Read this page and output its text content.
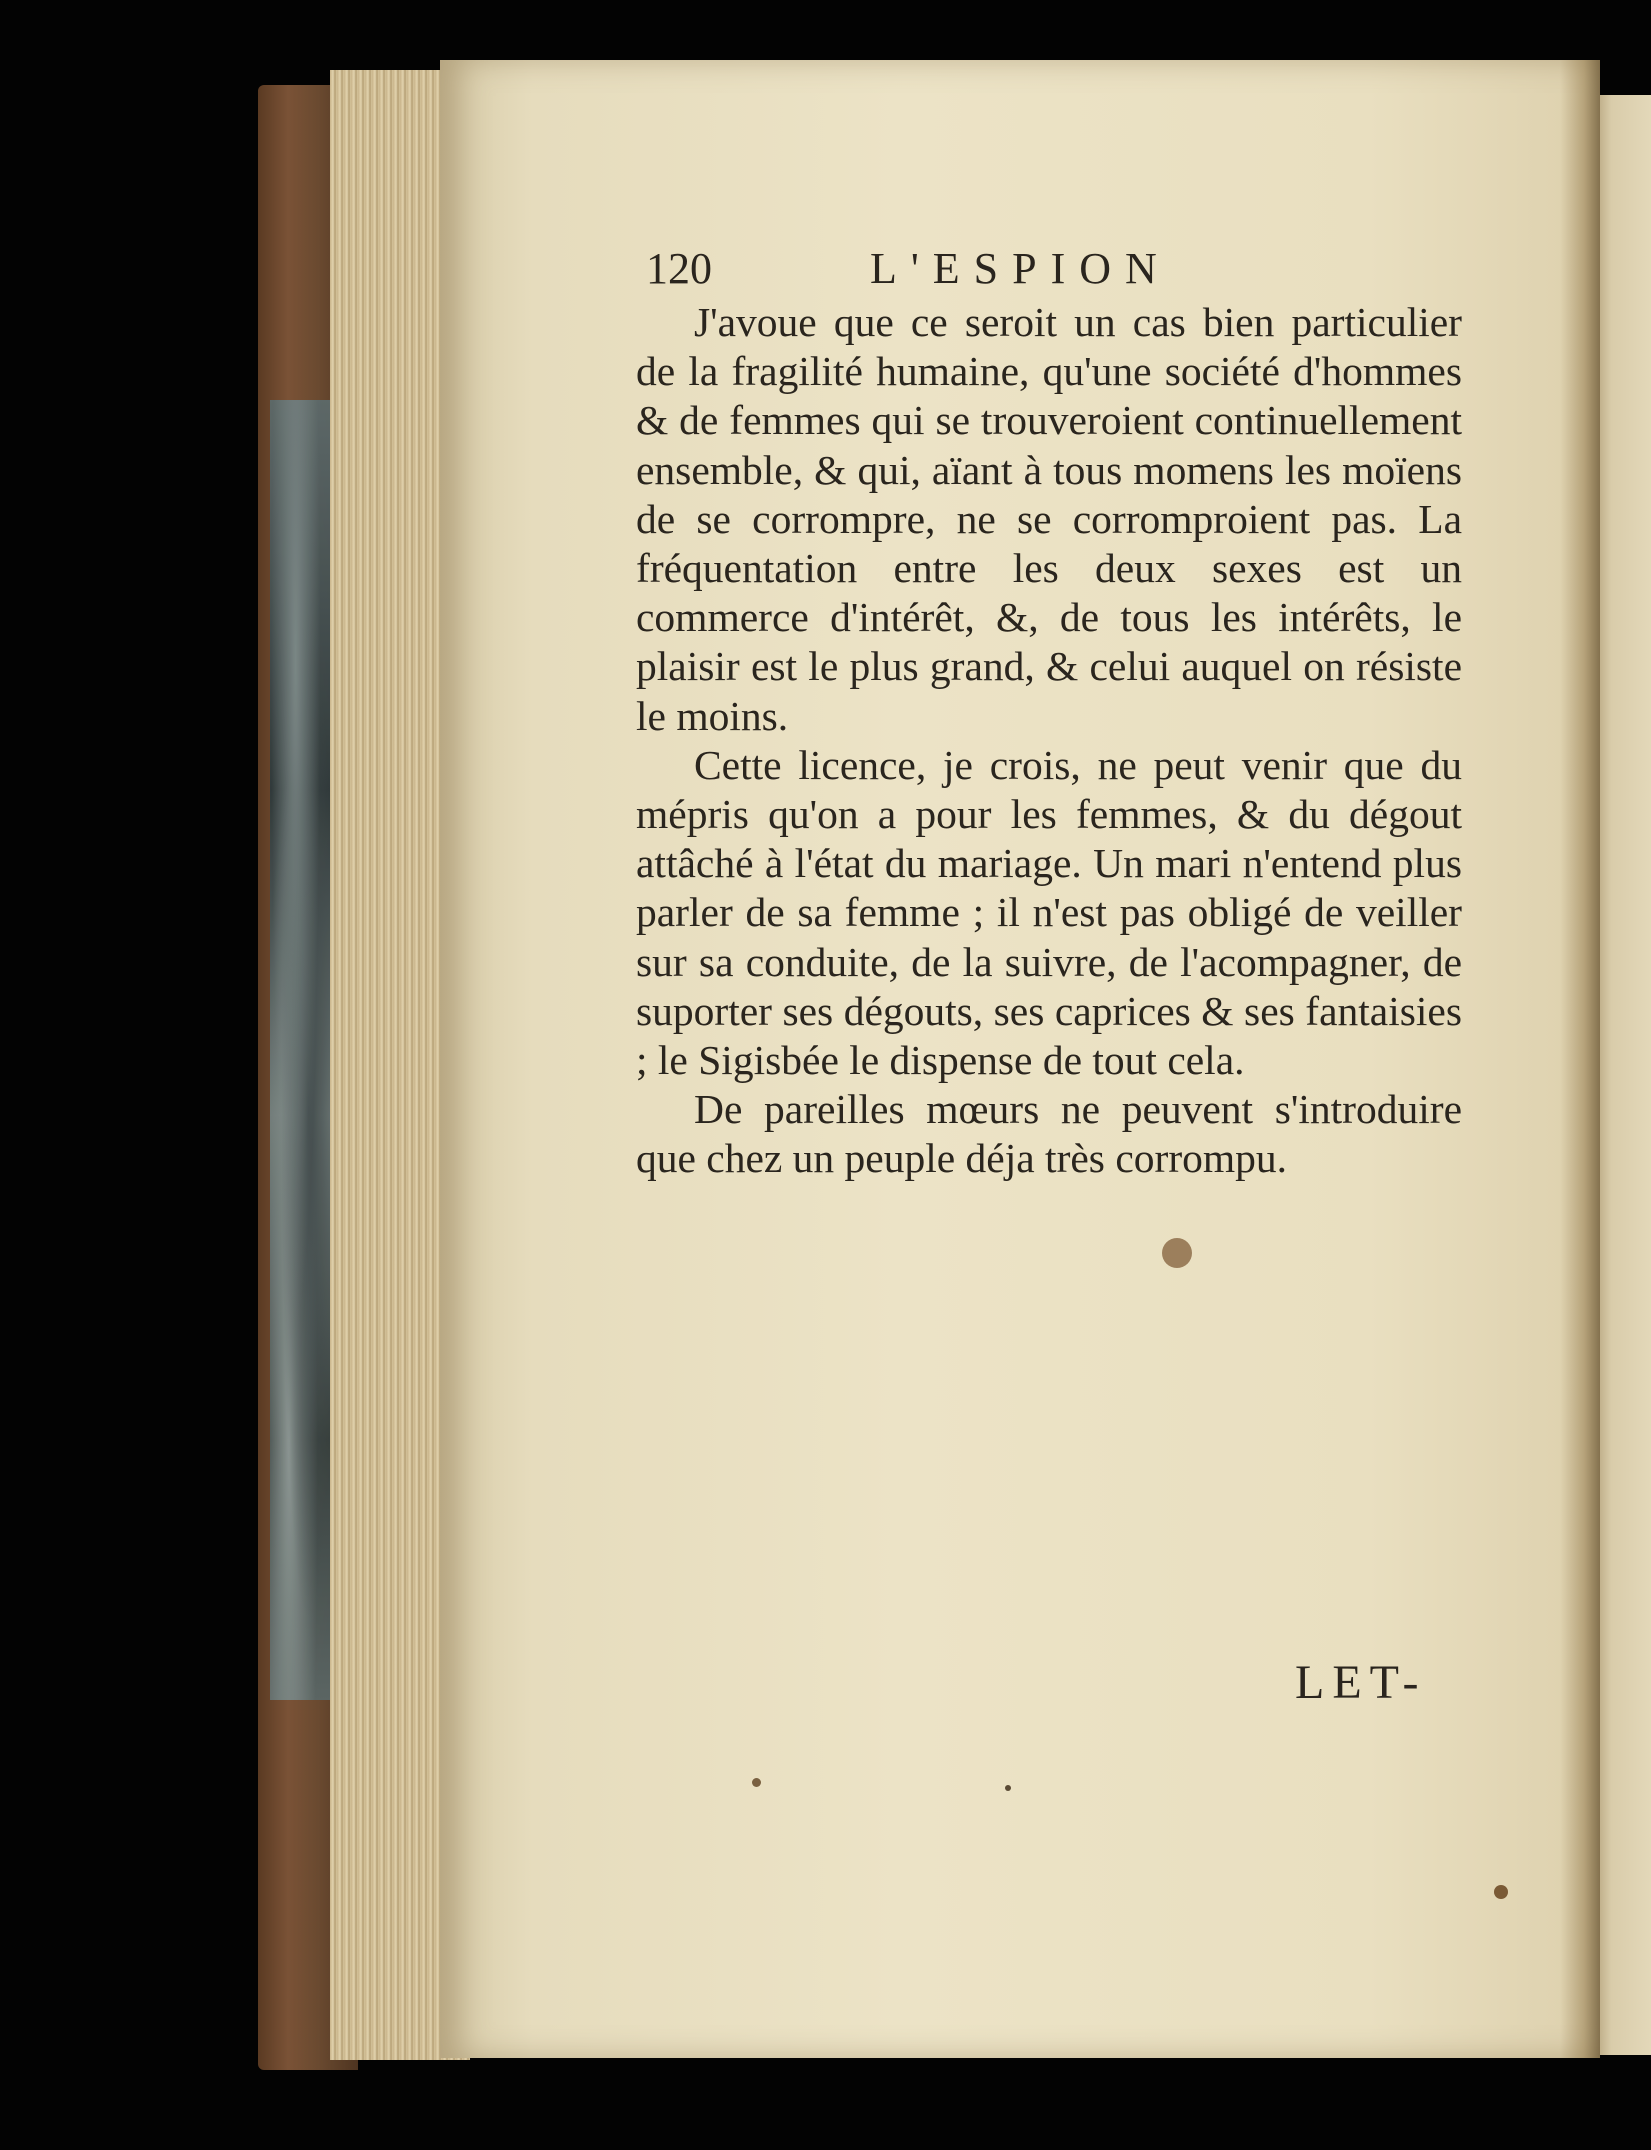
120	L'ESPION

J'avoue que ce seroit un cas bien particulier de la fragilité humaine, qu'une société d'hommes & de femmes qui se trouveroient continuellement ensemble, & qui, aïant à tous momens les moïens de se corrompre, ne se corromproient pas. La fréquentation entre les deux sexes est un commerce d'intérêt, &, de tous les intérêts, le plaisir est le plus grand, & celui auquel on résiste le moins.

Cette licence, je crois, ne peut venir que du mépris qu'on a pour les femmes, & du dégout attâché à l'état du mariage. Un mari n'entend plus parler de sa femme ; il n'est pas obligé de veiller sur sa conduite, de la suivre, de l'acompagner, de suporter ses dégouts, ses caprices & ses fantaisies ; le Sigisbée le dispense de tout cela.

De pareilles mœurs ne peuvent s'introduire que chez un peuple déja très corrompu.

LET-
